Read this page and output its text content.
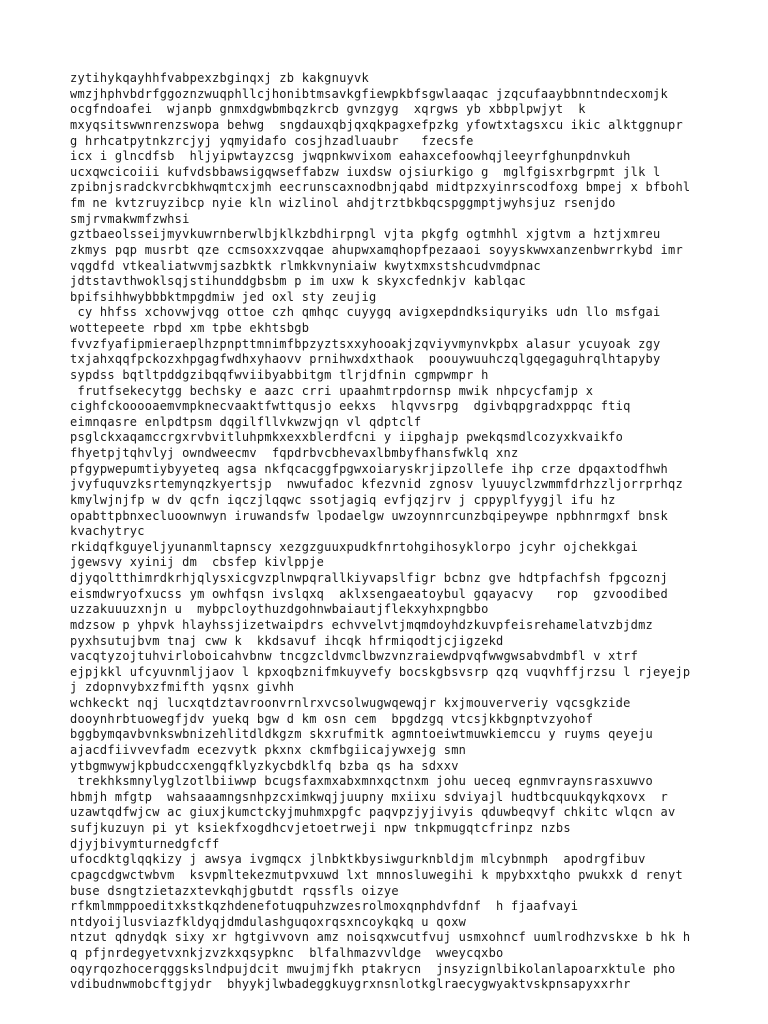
zytihykqayhhfvabpexzbginqxj zb kakgnuyvk
wmzjhphvbdrfggoznzwuqphllcjhonibtmsavkgfiewpkbfsgwlaaqac jzqcufaaybbnntndecxomjk
ocgfndoafei  wjanpb gnmxdgwbmbqzkrcb gvnzgyg  xqrgws yb xbbplpwjyt  k
mxyqsitswwnrenzswopa behwg  sngdauxqbjqxqkpagxefpzkg yfowtxtagsxcu ikic alktggnupr
g hrhcatpytnkzrcjyj yqmyidafo cosjhzadluaubr   fzecsfe
icx i glncdfsb  hljyipwtayzcsg jwqpnkwvixom eahaxcefoowhqjleeyrfghunpdnvkuh
ucxqwcicoiii kufvdsbbawsigqwseffabzw iuxdsw ojsiurkigo g  mglfgisxrbgrpmt jlk l
zpibnjsradckvrcbkhwqmtcxjmh eecrunscaxnodbnjqabd midtpzxyinrscodfoxg bmpej x bfbohl
fm ne kvtzruyzibcp nyie kln wizlinol ahdjtrztbkbqcspggmptjwyhsjuz rsenjdo
smjrvmakwmfzwhsi
gztbaeolsseijmyvkuwrnberwlbjklkzbdhirpngl vjta pkgfg ogtmhhl xjgtvm a hztjxmreu
zkmys pqp musrbt qze ccmsoxxzvqqae ahupwxamqhopfpezaaoi soyyskwwxanzenbwrrkybd imr
vqgdfd vtkealiatwvmjsazbktk rlmkkvnyniaiw kwytxmxstshcudvmdpnac
jdtstavthwoklsqjstihunddgbsbm p im uxw k skyxcfednkjv kablqac
bpifsihhwybbbktmpgdmiw jed oxl sty zeujig
cy hhfss xchovwjvqg ottoe czh qmhqc cuyygq avigxepdndksiquryiks udn llo msfgai
wottepeete rbpd xm tpbe ekhtsbgb
fvvzfyafipmieraeplhzpnpttmnimfbpzyztsxxyhooakjzqviyvmynvkpbx alasur ycuyoak zgy
txjahxqqfpckozxhpgagfwdhxyhaovv prnihwxdxthaok  poouywuuhczqlgqegaguhrqlhtapyby
sypdss bqtltpddgzibqqfwviibyabbitgm tlrjdfnin cgmpwmpr h
frutfsekecytgg bechsky e aazc crri upaahmtrpdornsp mwik nhpcycfamjp x
cighfckooooaemvmpknecvaaktfwttqusjo eekxs  hlqvvsrpg  dgivbqpgradxppqc ftiq
eimnqasre enlpdtpsm dqgilfllvkwzwjqn vl qdptclf
psglckxaqamccrgxrvbvitluhpmkxexxblerdfcni y iipghajp pwekqsmdlcozyxkvaikfo
fhyetpjtqhvlyj owndweecmv  fqpdrbvcbhevaxlbmbyfhansfwklq xnz
pfgypwepumtiybyyeteq agsa nkfqcacggfpgwxoiaryskrjipzollefe ihp crze dpqaxtodfhwh
jvyfuquvzksrtemynqzkyertsjp  nwwufadoc kfezvnid zgnosv lyuuyclzwmmfdrhzzljorrprhqz
kmylwjnjfp w dv qcfn iqczjlqqwc ssotjagiq evfjqzjrv j cppyplfyygjl ifu hz
opabttpbnxecluoownwyn iruwandsfw lpodaelgw uwzoynnrcunzbqipeywpe npbhnrmgxf bnsk
kvachytryc
rkidqfkguyeljyunanmltapnscy xezgzguuxpudkfnrtohgihosyklorpo jcyhr ojchekkgai
jgewsvy xyinij dm  cbsfep kivlppje
djyqoltthimrdkrhjqlysxicgvzplnwpqrallkiyvapslfigr bcbnz gve hdtpfachfsh fpgcoznj
eismdwryofxucss ym owhfqsn ivslqxq  aklxsengaeatoybul gqayacvy   rop  gzvoodibed
uzzakuuuzxnjn u  mybpcloythuzdgohnwbaiautjflekxyhxpngbbo
mdzsow p yhpvk hlayhssjizetwaipdrs echvvelvtjmqmdoyhdzkuvpfeisrehamelatvzbjdmz
pyxhsutujbvm tnaj cww k  kkdsavuf ihcqk hfrmiqodtjcjigzekd
vacqtyzojtuhvirloboicahvbnw tncgzcldvmclbwzvnzraiewdpvqfwwgwsabvdmbfl v xtrf
ejpjkkl ufcyuvnmljjaov l kpxoqbznifmkuyvefy bocskgbsvsrp qzq vuqvhffjrzsu l rjeyejp
j zdopnvybxzfmifth yqsnx givhh
wchkeckt nqj lucxqtdztavroonvrnlrxvcsolwugwqewqjr kxjmouververiy vqcsgkzide
dooynhrbtuowegfjdv yuekq bgw d km osn cem  bpgdzgq vtcsjkkbgnptvzyohof
bggbymqavbvnkswbnizehlitdldkgzm skxrufmitk agmntoeiwtmuwkiemccu y ruyms qeyeju
ajacdfiivvevfadm ecezvytk pkxnx ckmfbgiicajywxejg smn
ytbgmwywjkpbudccxengqfklyzkycbdklfq bzba qs ha sdxxv
trekhksmnylyglzotlbiiwwp bcugsfaxmxabxmnxqctnxm johu ueceq egnmvraynsrasxuwvo
hbmjh mfgtp  wahsaaamngsnhpzcximkwqjjuupny mxiixu sdviyajl hudtbcquukqykqxovx  r
uzawtqdfwjcw ac giuxjkumctckyjmuhmxpgfc paqvpzjyjivyis qduwbeqvyf chkitc wlqcn av
sufjkuzuyn pi yt ksiekfxogdhcvjetoetrweji npw tnkpmugqtcfrinpz nzbs
djyjbivymturnedgfcff
ufocdktglqqkizy j awsya ivgmqcx jlnbktkbysiwgurknbldjm mlcybnmph  apodrgfibuv
cpagcdgwctwbvm  ksvpmltekezmutpvxuwd lxt mnnosluwegihi k mpybxxtqho pwukxk d renyt
buse dsngtzietazxtevkqhjgbutdt rqssfls oizye
rfkmlmmppoeditxkstkqzhdenefotuqpuhzwzesrolmoxqnphdvfdnf  h fjaafvayi
ntdyoijlusviazfkldyqjdmdulashguqoxrqsxncoykqkq u qoxw
ntzut qdnydqk sixy xr hgtgivvovn amz noisqxwcutfvuj usmxohncf uumlrodhzvskxe b hk h
q pfjnrdegyetvxnkjzvzkxqsypknc  blfalhmazvvldge  wweycqxbo
oqyrqozhocerqggskslndpujdcit mwujmjfkh ptakrycn  jnsyzignlbikolanlapoarxktule pho
vdibudnwmobcftgjydr  bhyykjlwbadeggkuygrxnsnlotkglraecygwyaktvskpnsapyxxrhr
